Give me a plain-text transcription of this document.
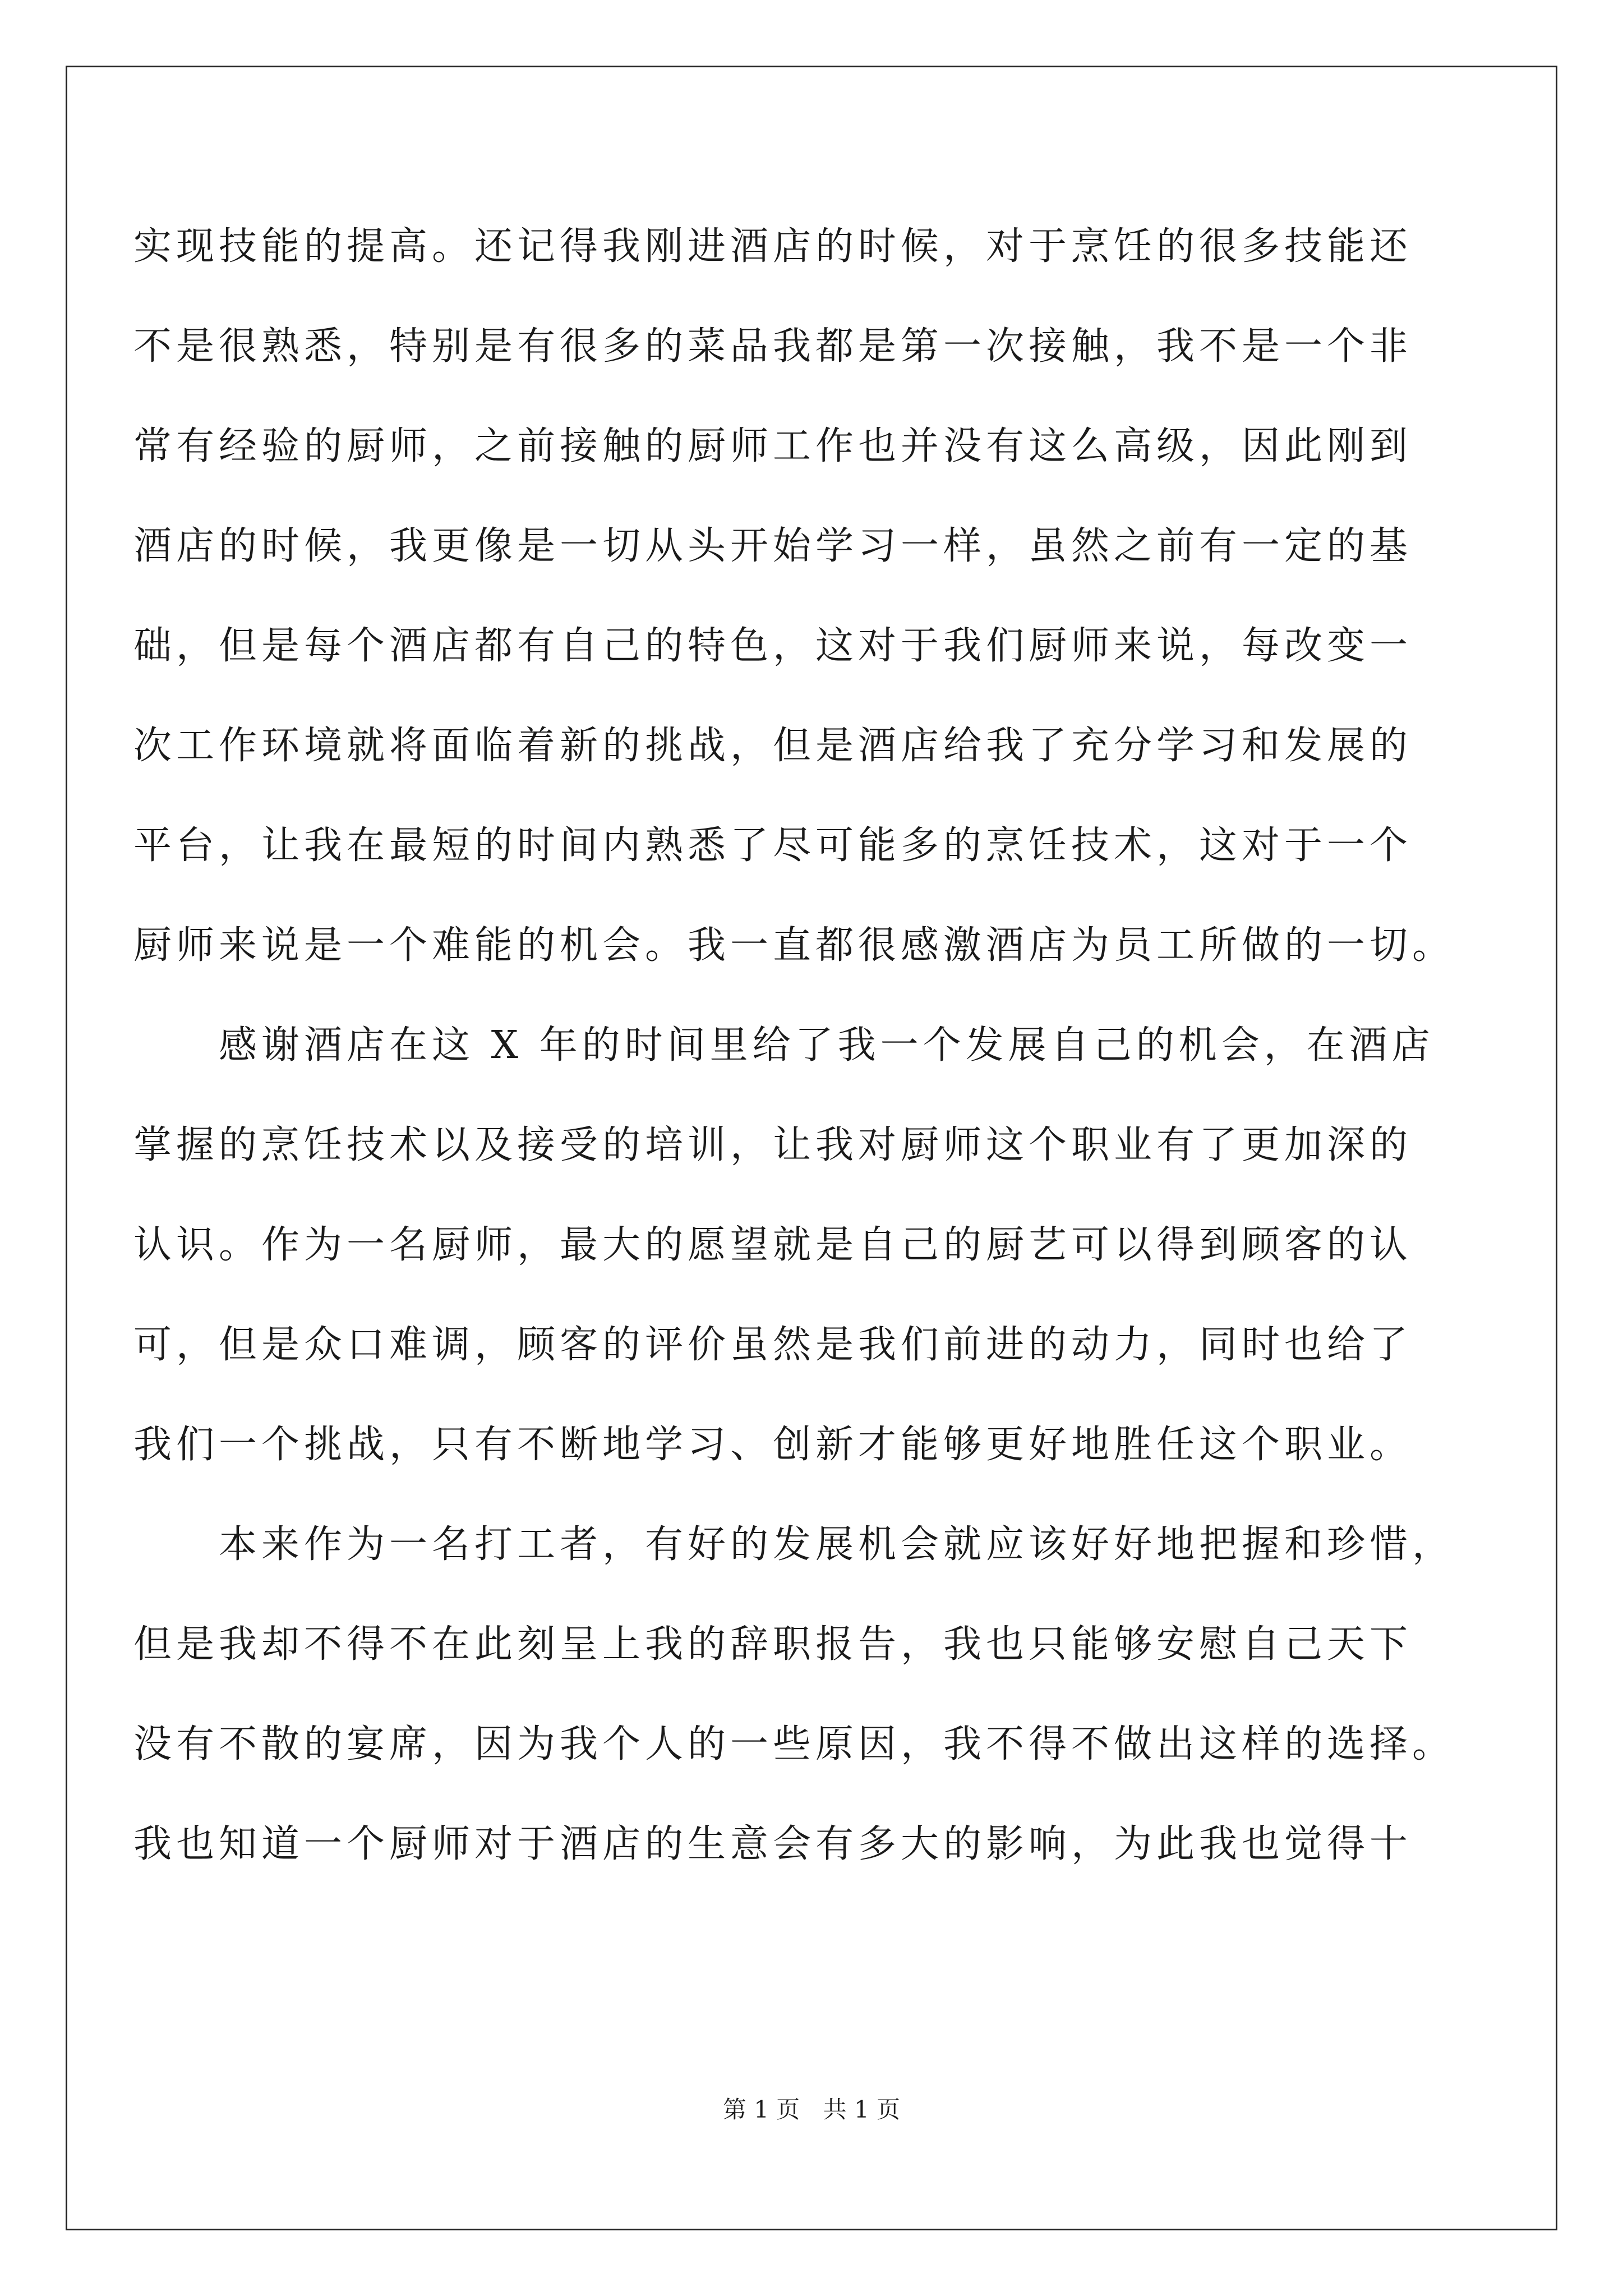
实现技能的提高。还记得我刚进酒店的时候，对于烹饪的很多技能还
不是很熟悉，特别是有很多的菜品我都是第一次接触，我不是一个非
常有经验的厨师，之前接触的厨师工作也并没有这么高级，因此刚到
酒店的时候，我更像是一切从头开始学习一样，虽然之前有一定的基
础，但是每个酒店都有自己的特色，这对于我们厨师来说，每改变一
次工作环境就将面临着新的挑战，但是酒店给我了充分学习和发展的
平台，让我在最短的时间内熟悉了尽可能多的烹饪技术，这对于一个
厨师来说是一个难能的机会。我一直都很感激酒店为员工所做的一切。
　　感谢酒店在这 X 年的时间里给了我一个发展自己的机会，在酒店
掌握的烹饪技术以及接受的培训，让我对厨师这个职业有了更加深的
认识。作为一名厨师，最大的愿望就是自己的厨艺可以得到顾客的认
可，但是众口难调，顾客的评价虽然是我们前进的动力，同时也给了
我们一个挑战，只有不断地学习、创新才能够更好地胜任这个职业。
　　本来作为一名打工者，有好的发展机会就应该好好地把握和珍惜，
但是我却不得不在此刻呈上我的辞职报告，我也只能够安慰自己天下
没有不散的宴席，因为我个人的一些原因，我不得不做出这样的选择。
我也知道一个厨师对于酒店的生意会有多大的影响，为此我也觉得十
第 1 页 共 1 页
